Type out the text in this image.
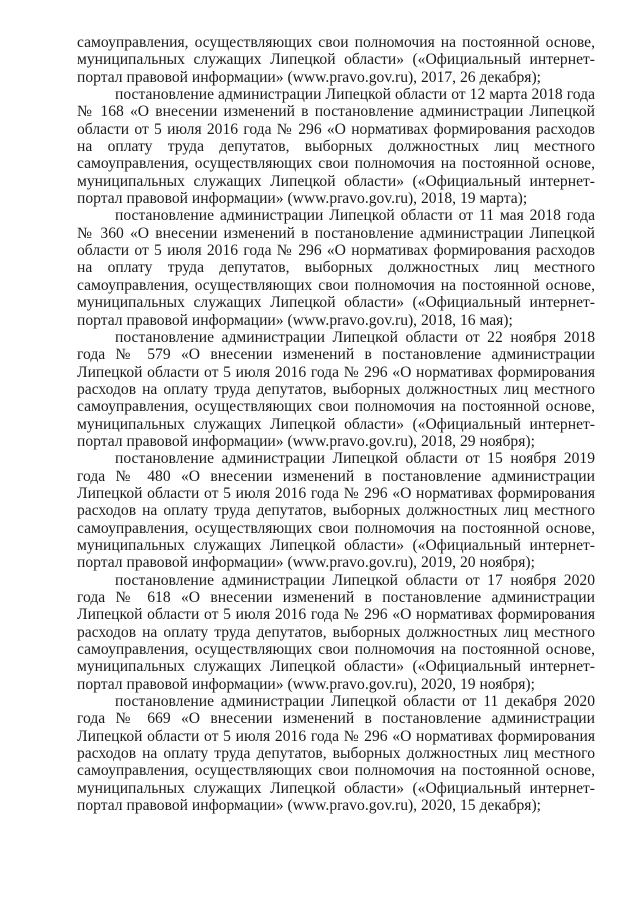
самоуправления, осуществляющих свои полномочия на постоянной основе, муниципальных служащих Липецкой области» («Официальный интернет-портал правовой информации» (www.pravo.gov.ru), 2017, 26 декабря);

постановление администрации Липецкой области от 12 марта 2018 года № 168 «О внесении изменений в постановление администрации Липецкой области от 5 июля 2016 года № 296 «О нормативах формирования расходов на оплату труда депутатов, выборных должностных лиц местного самоуправления, осуществляющих свои полномочия на постоянной основе, муниципальных служащих Липецкой области» («Официальный интернет-портал правовой информации» (www.pravo.gov.ru), 2018, 19 марта);

постановление администрации Липецкой области от 11 мая 2018 года № 360 «О внесении изменений в постановление администрации Липецкой области от 5 июля 2016 года № 296 «О нормативах формирования расходов на оплату труда депутатов, выборных должностных лиц местного самоуправления, осуществляющих свои полномочия на постоянной основе, муниципальных служащих Липецкой области» («Официальный интернет-портал правовой информации» (www.pravo.gov.ru), 2018, 16 мая);

постановление администрации Липецкой области от 22 ноября 2018 года № 579 «О внесении изменений в постановление администрации Липецкой области от 5 июля 2016 года № 296 «О нормативах формирования расходов на оплату труда депутатов, выборных должностных лиц местного самоуправления, осуществляющих свои полномочия на постоянной основе, муниципальных служащих Липецкой области» («Официальный интернет-портал правовой информации» (www.pravo.gov.ru), 2018, 29 ноября);

постановление администрации Липецкой области от 15 ноября 2019 года № 480 «О внесении изменений в постановление администрации Липецкой области от 5 июля 2016 года № 296 «О нормативах формирования расходов на оплату труда депутатов, выборных должностных лиц местного самоуправления, осуществляющих свои полномочия на постоянной основе, муниципальных служащих Липецкой области» («Официальный интернет-портал правовой информации» (www.pravo.gov.ru), 2019, 20 ноября);

постановление администрации Липецкой области от 17 ноября 2020 года № 618 «О внесении изменений в постановление администрации Липецкой области от 5 июля 2016 года № 296 «О нормативах формирования расходов на оплату труда депутатов, выборных должностных лиц местного самоуправления, осуществляющих свои полномочия на постоянной основе, муниципальных служащих Липецкой области» («Официальный интернет-портал правовой информации» (www.pravo.gov.ru), 2020, 19 ноября);

постановление администрации Липецкой области от 11 декабря 2020 года № 669 «О внесении изменений в постановление администрации Липецкой области от 5 июля 2016 года № 296 «О нормативах формирования расходов на оплату труда депутатов, выборных должностных лиц местного самоуправления, осуществляющих свои полномочия на постоянной основе, муниципальных служащих Липецкой области» («Официальный интернет-портал правовой информации» (www.pravo.gov.ru), 2020, 15 декабря);
